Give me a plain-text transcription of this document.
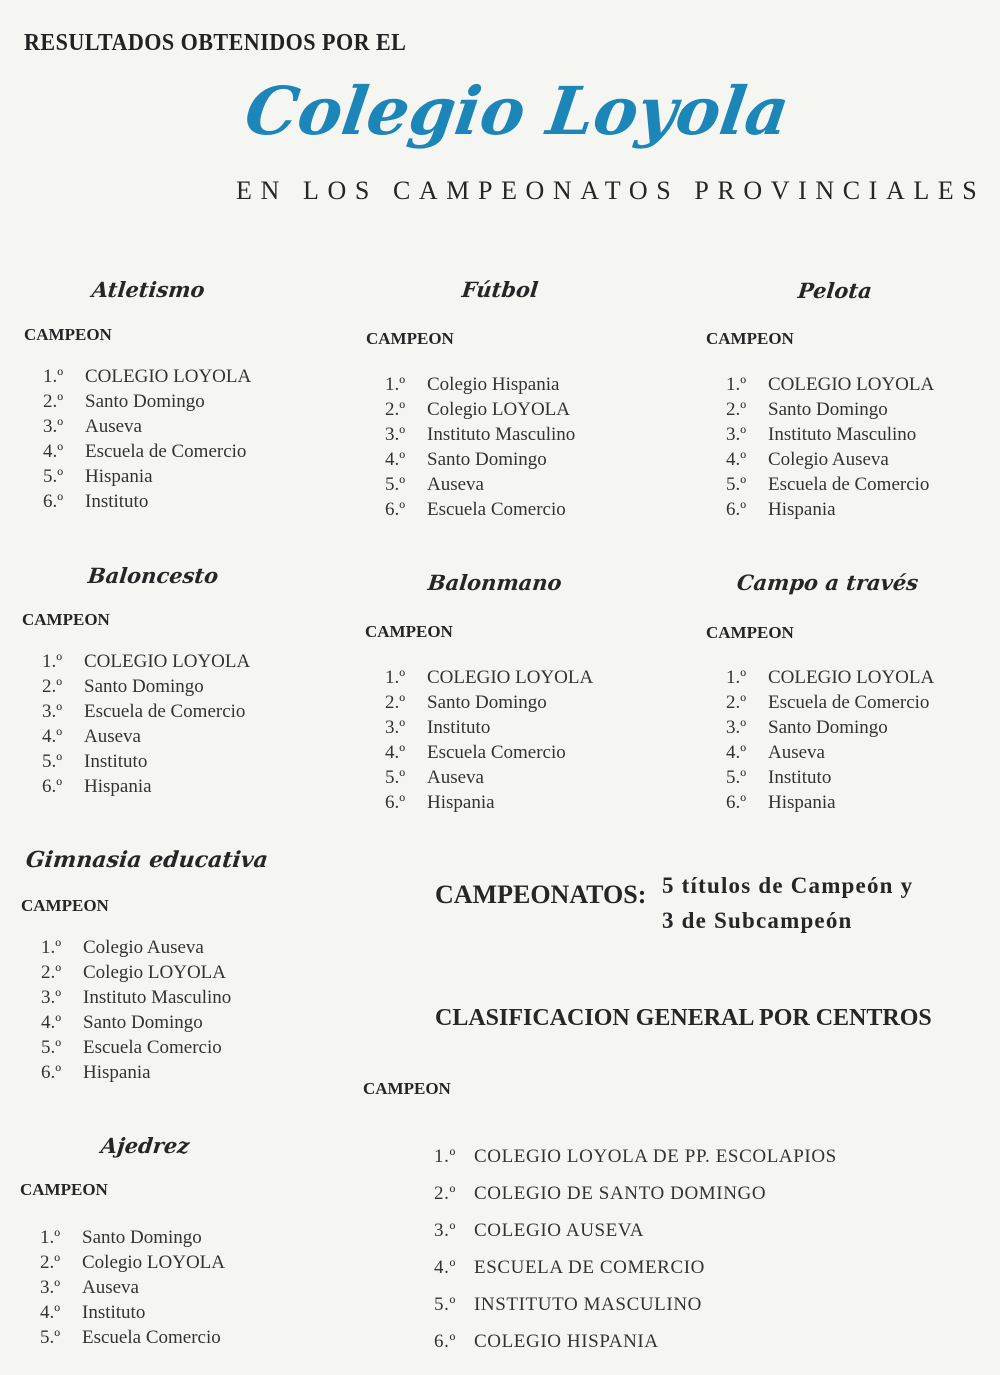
RESULTADOS OBTENIDOS POR EL
Colegio Loyola
EN LOS CAMPEONATOS PROVINCIALES
Atletismo
CAMPEON
1.º	COLEGIO LOYOLA
2.º	Santo Domingo
3.º	Auseva
4.º	Escuela de Comercio
5.º	Hispania
6.º	Instituto
Fútbol
CAMPEON
1.º	Colegio Hispania
2.º	Colegio LOYOLA
3.º	Instituto Masculino
4.º	Santo Domingo
5.º	Auseva
6.º	Escuela Comercio
Pelota
CAMPEON
1.º	COLEGIO LOYOLA
2.º	Santo Domingo
3.º	Instituto Masculino
4.º	Colegio Auseva
5.º	Escuela de Comercio
6.º	Hispania
Baloncesto
CAMPEON
1.º	COLEGIO LOYOLA
2.º	Santo Domingo
3.º	Escuela de Comercio
4.º	Auseva
5.º	Instituto
6.º	Hispania
Balonmano
CAMPEON
1.º	COLEGIO LOYOLA
2.º	Santo Domingo
3.º	Instituto
4.º	Escuela Comercio
5.º	Auseva
6.º	Hispania
Campo a través
CAMPEON
1.º	COLEGIO LOYOLA
2.º	Escuela de Comercio
3.º	Santo Domingo
4.º	Auseva
5.º	Instituto
6.º	Hispania
Gimnasia educativa
CAMPEON
1.º	Colegio Auseva
2.º	Colegio LOYOLA
3.º	Instituto Masculino
4.º	Santo Domingo
5.º	Escuela Comercio
6.º	Hispania
Ajedrez
CAMPEON
1.º	Santo Domingo
2.º	Colegio LOYOLA
3.º	Auseva
4.º	Instituto
5.º	Escuela Comercio
CAMPEONATOS: 5 títulos de Campeón y
3 de Subcampeón
CLASIFICACION GENERAL POR CENTROS
CAMPEON
1.º COLEGIO LOYOLA DE PP. ESCOLAPIOS
2.º COLEGIO DE SANTO DOMINGO
3.º COLEGIO AUSEVA
4.º ESCUELA DE COMERCIO
5.º INSTITUTO MASCULINO
6.º COLEGIO HISPANIA
